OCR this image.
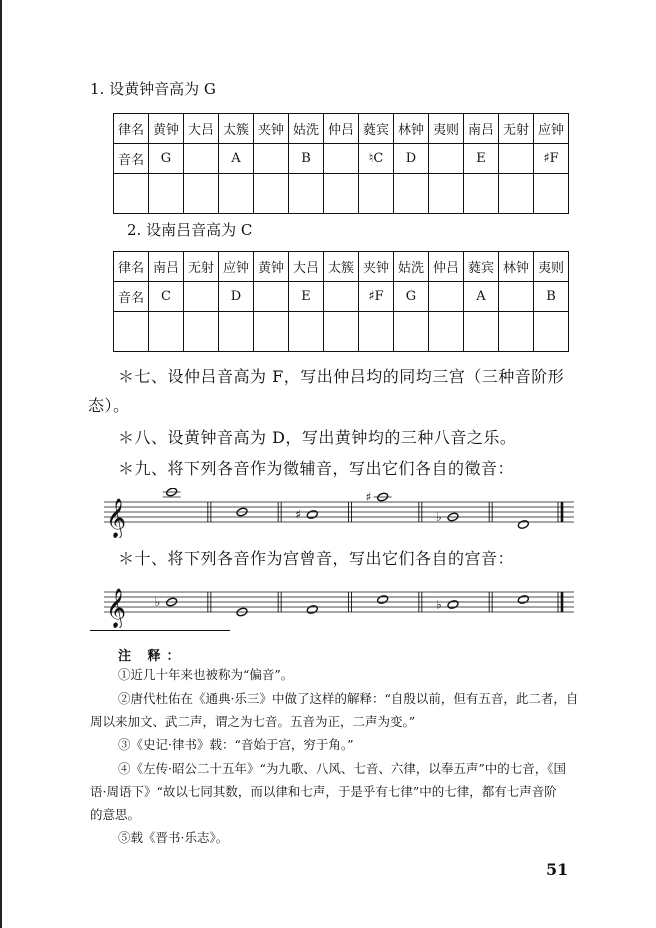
1. 设黄钟音高为 G
律名	黄钟	大吕	太簇	夹钟	姑洗	仲吕	蕤宾	林钟	夷则	南吕	无射	应钟
音名	G		A		B		♮C	D		E		♯F

2. 设南吕音高为 C
律名	南吕	无射	应钟	黄钟	大吕	太簇	夹钟	姑洗	仲吕	蕤宾	林钟	夷则
音名	C		D		E		♯F	G		A		B

＊七、设仲吕音高为 F，写出仲吕均的同均三宫（三种音阶形
态）。
＊八、设黄钟音高为 D，写出黄钟均的三种八音之乐。
＊九、将下列各音作为徵辅音，写出它们各自的徵音：
𝄞	♯
♯
♭
＊十、将下列各音作为宫曾音，写出它们各自的宫音：
𝄞 ♭	♭
注 释：
①近几十年来也被称为“偏音”。
②唐代杜佑在《通典·乐三》中做了这样的解释：“自殷以前，但有五音，此二者，自
周以来加文、武二声，谓之为七音。五音为正，二声为变。”
③《史记·律书》载：“音始于宫，穷于角。”
④《左传·昭公二十五年》“为九歌、八风、七音、六律，以奉五声”中的七音，《国
语·周语下》“故以七同其数，而以律和七声，于是乎有七律”中的七律，都有七声音阶
的意思。
⑤载《晋书·乐志》。
51
